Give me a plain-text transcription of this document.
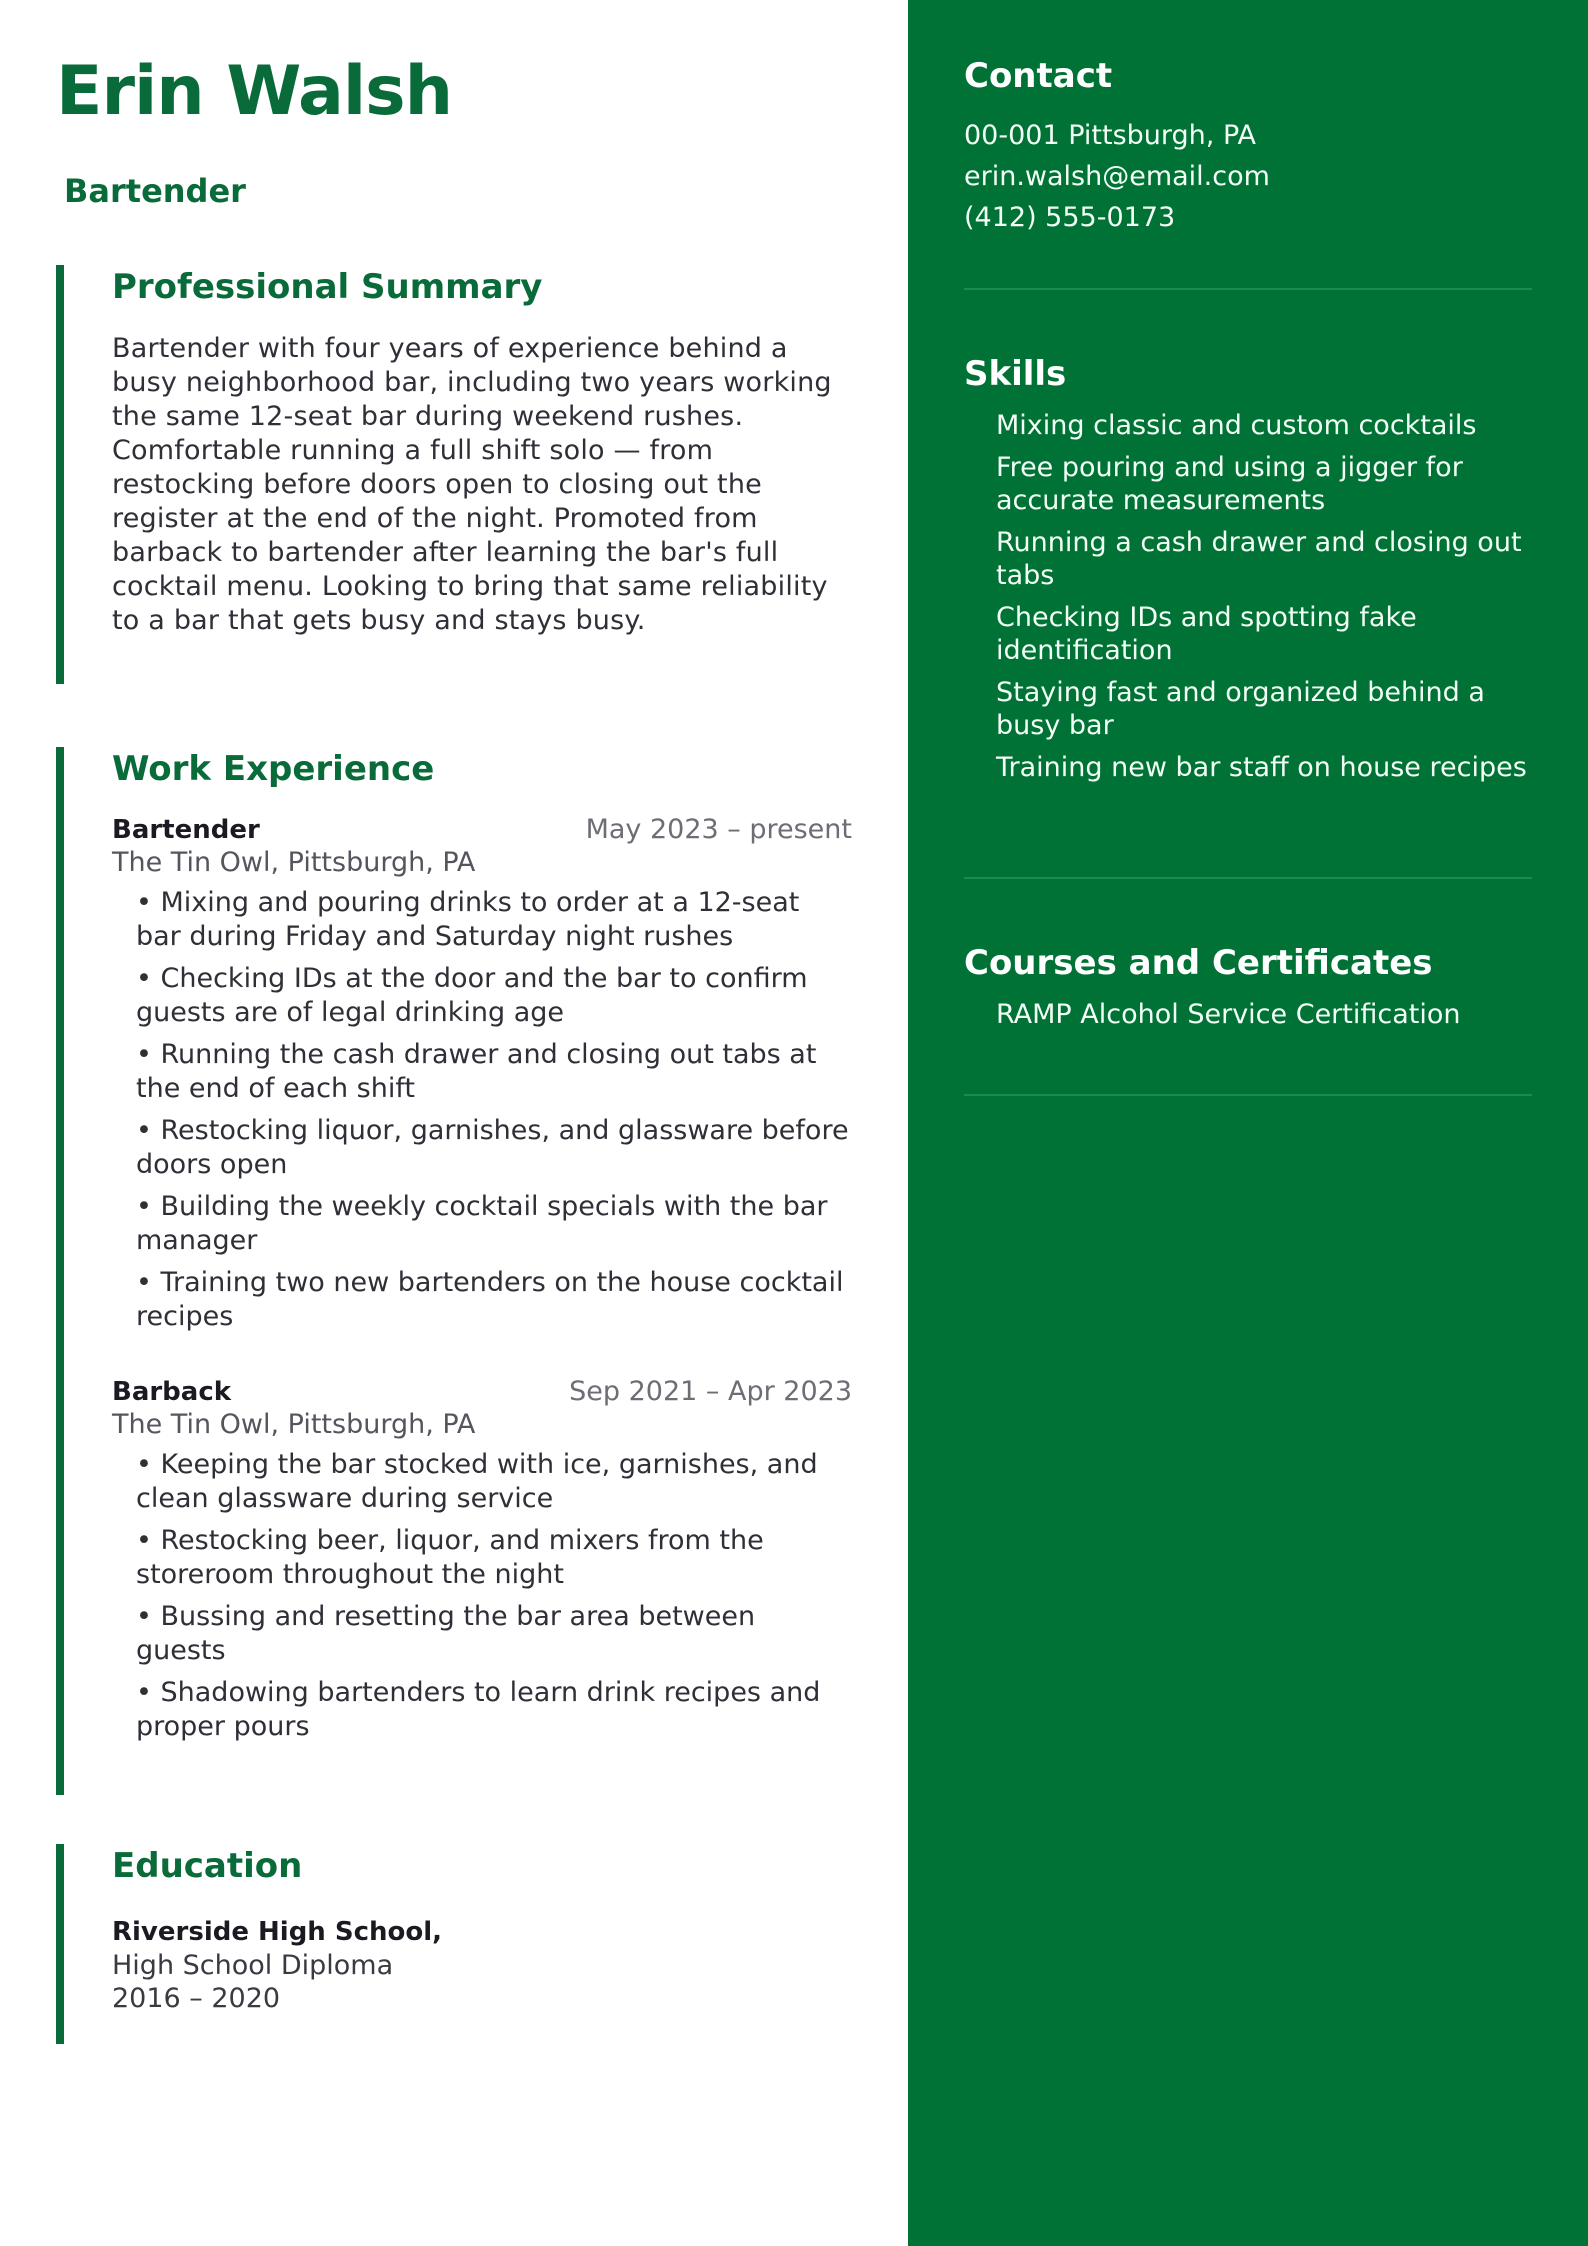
Erin Walsh
Bartender
Professional Summary

Bartender with four years of experience behind a busy neighborhood bar, including two years working the same 12-seat bar during weekend rushes. Comfortable running a full shift solo — from restocking before doors open to closing out the register at the end of the night. Promoted from barback to bartender after learning the bar's full cocktail menu. Looking to bring that same reliability to a bar that gets busy and stays busy.

Work Experience
Bartender	May 2023 – present
The Tin Owl, Pittsburgh, PA
• Mixing and pouring drinks to order at a 12-seat bar during Friday and Saturday night rushes
• Checking IDs at the door and the bar to confirm guests are of legal drinking age
• Running the cash drawer and closing out tabs at the end of each shift
• Restocking liquor, garnishes, and glassware before doors open
• Building the weekly cocktail specials with the bar manager
• Training two new bartenders on the house cocktail recipes
Barback	Sep 2021 – Apr 2023
The Tin Owl, Pittsburgh, PA
• Keeping the bar stocked with ice, garnishes, and clean glassware during service
• Restocking beer, liquor, and mixers from the storeroom throughout the night
• Bussing and resetting the bar area between guests
• Shadowing bartenders to learn drink recipes and proper pours
Education
Riverside High School,
High School Diploma
2016 – 2020
Contact
00-001 Pittsburgh, PA
erin.walsh@email.com
(412) 555-0173
Skills
Mixing classic and custom cocktails
Free pouring and using a jigger for accurate measurements
Running a cash drawer and closing out tabs
Checking IDs and spotting fake identification
Staying fast and organized behind a busy bar
Training new bar staff on house recipes
Courses and Certificates
RAMP Alcohol Service Certification
